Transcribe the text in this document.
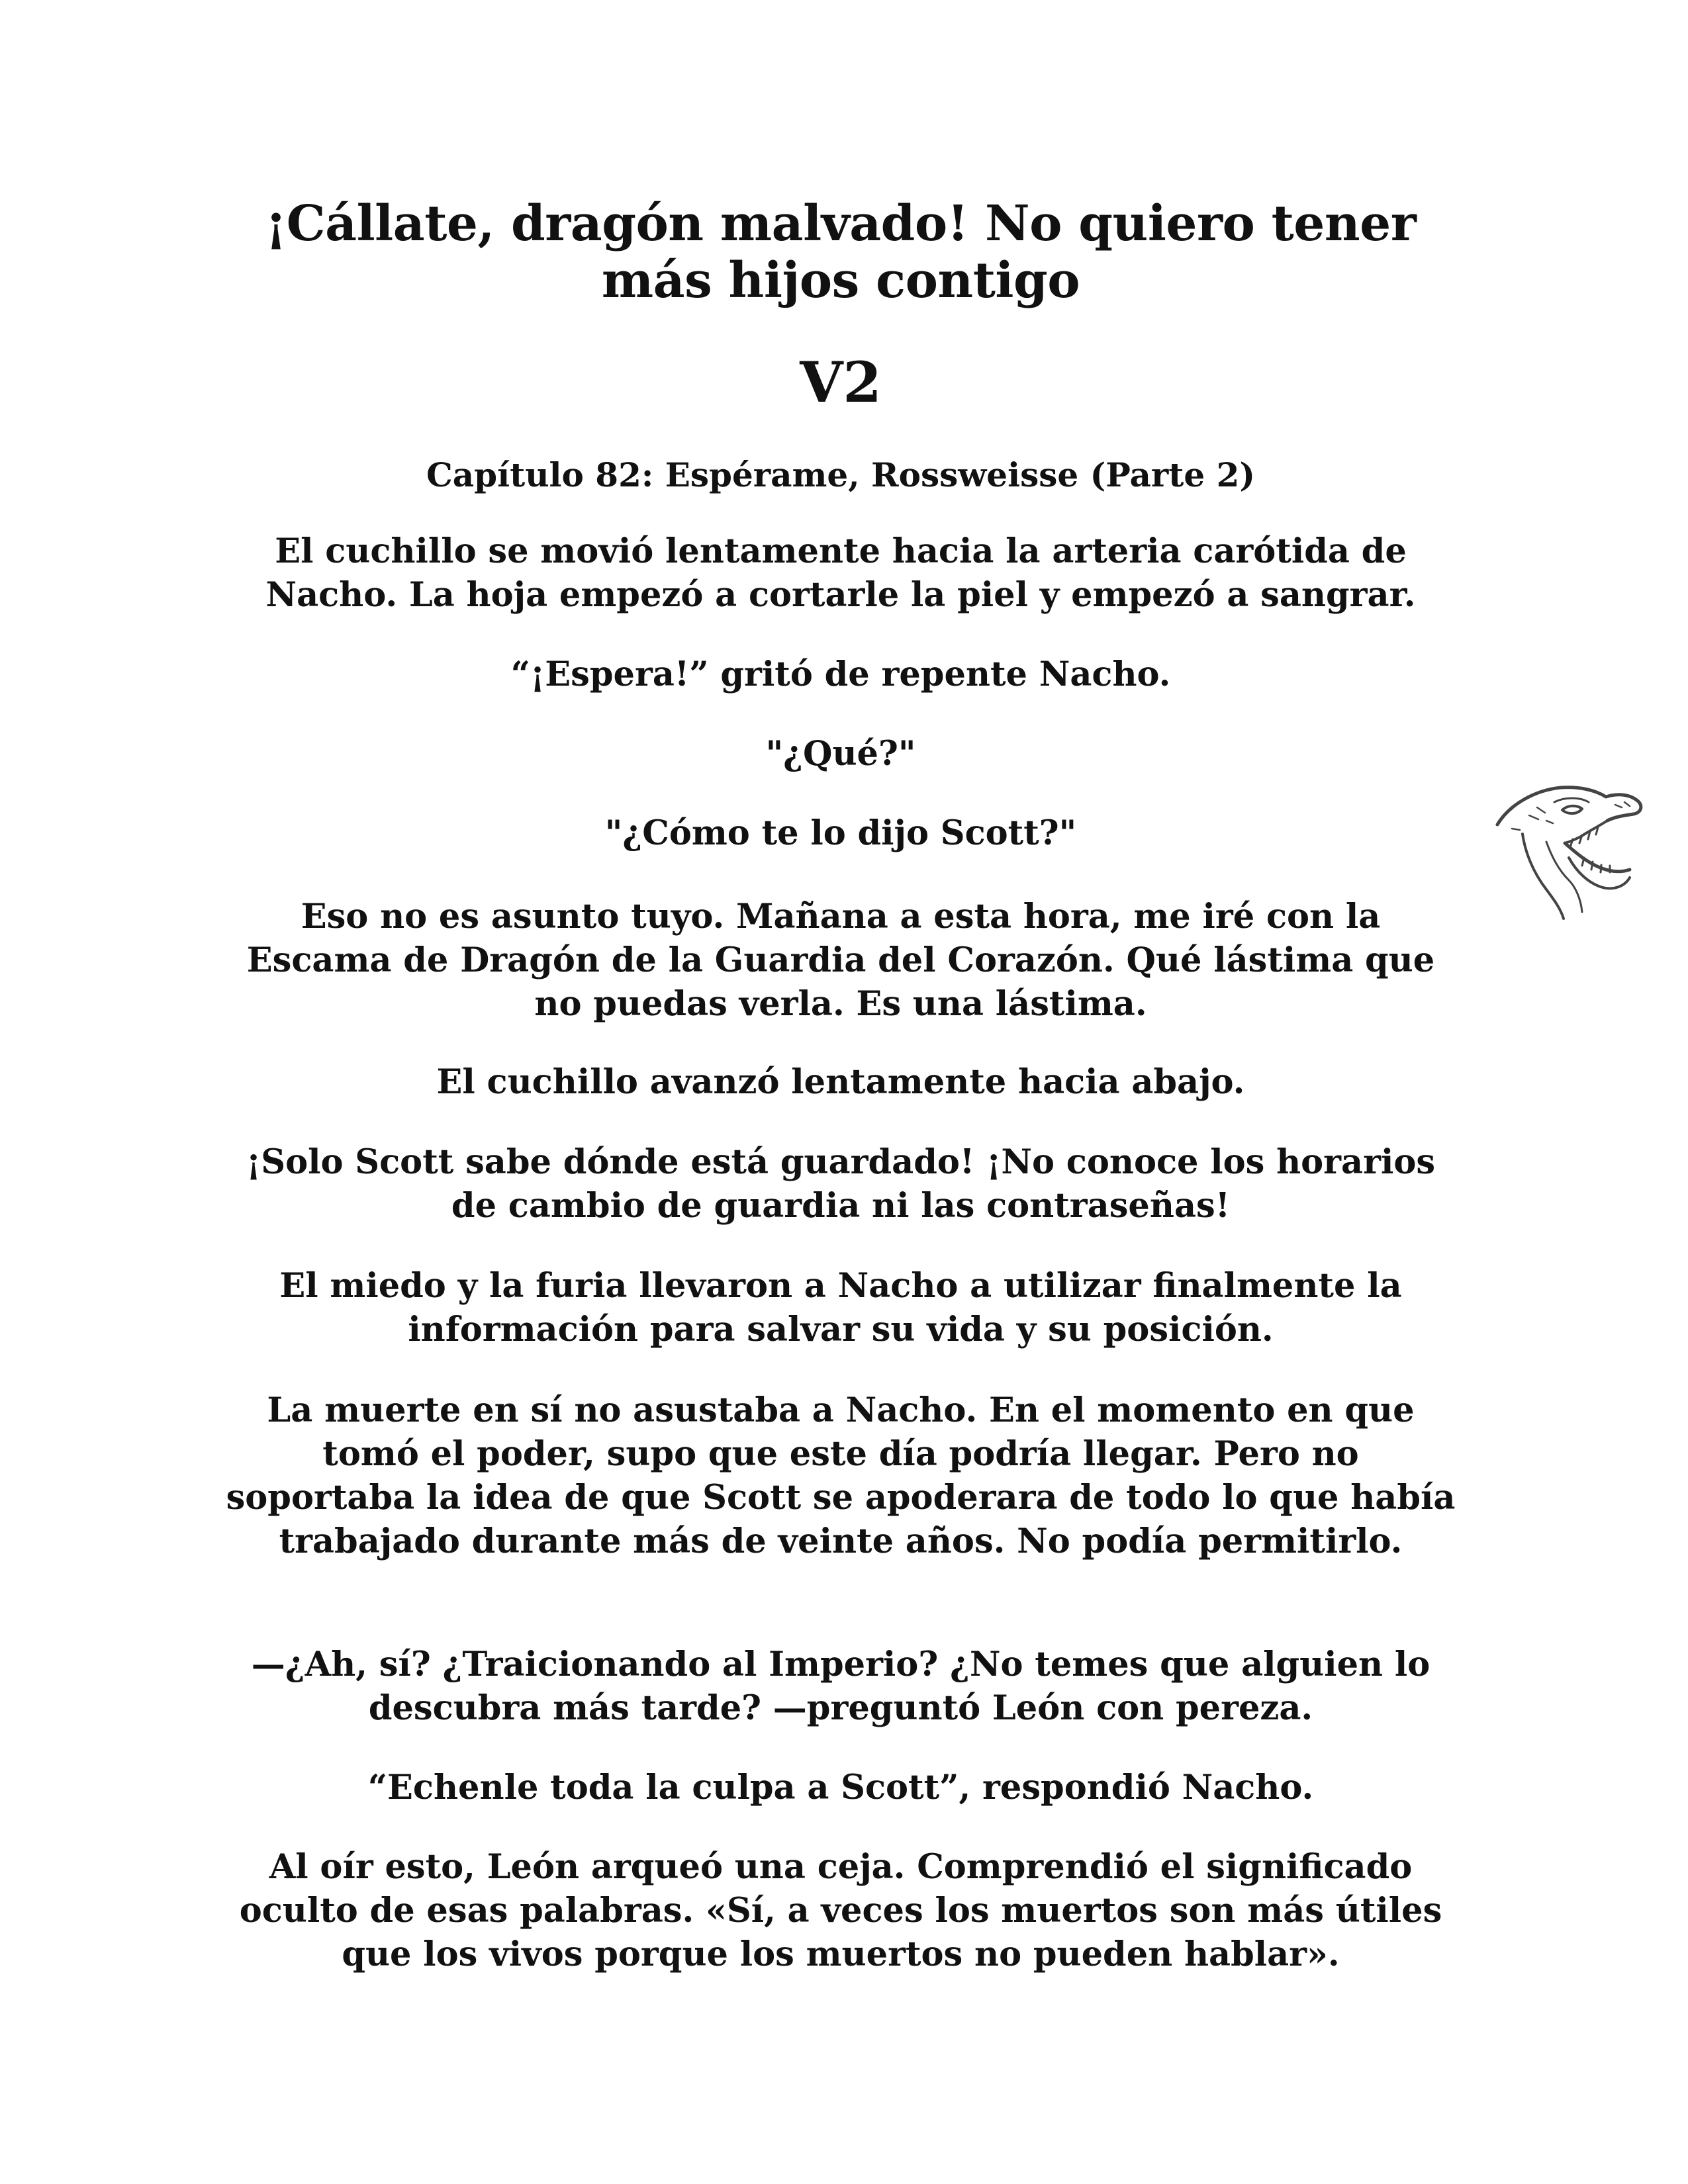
¡Cállate, dragón malvado! No quiero tener más hijos contigo
V2
Capítulo 82: Espérame, Rossweisse (Parte 2)

El cuchillo se movió lentamente hacia la arteria carótida de Nacho. La hoja empezó a cortarle la piel y empezó a sangrar.

“¡Espera!” gritó de repente Nacho.

"¿Qué?"

"¿Cómo te lo dijo Scott?"

Eso no es asunto tuyo. Mañana a esta hora, me iré con la Escama de Dragón de la Guardia del Corazón. Qué lástima que no puedas verla. Es una lástima.

El cuchillo avanzó lentamente hacia abajo.

¡Solo Scott sabe dónde está guardado! ¡No conoce los horarios de cambio de guardia ni las contraseñas!

El miedo y la furia llevaron a Nacho a utilizar finalmente la información para salvar su vida y su posición.

La muerte en sí no asustaba a Nacho. En el momento en que tomó el poder, supo que este día podría llegar. Pero no soportaba la idea de que Scott se apoderara de todo lo que había trabajado durante más de veinte años. No podía permitirlo.

—¿Ah, sí? ¿Traicionando al Imperio? ¿No temes que alguien lo descubra más tarde? —preguntó León con pereza.

“Echenle toda la culpa a Scott”, respondió Nacho.

Al oír esto, León arqueó una ceja. Comprendió el significado oculto de esas palabras. «Sí, a veces los muertos son más útiles que los vivos porque los muertos no pueden hablar».
